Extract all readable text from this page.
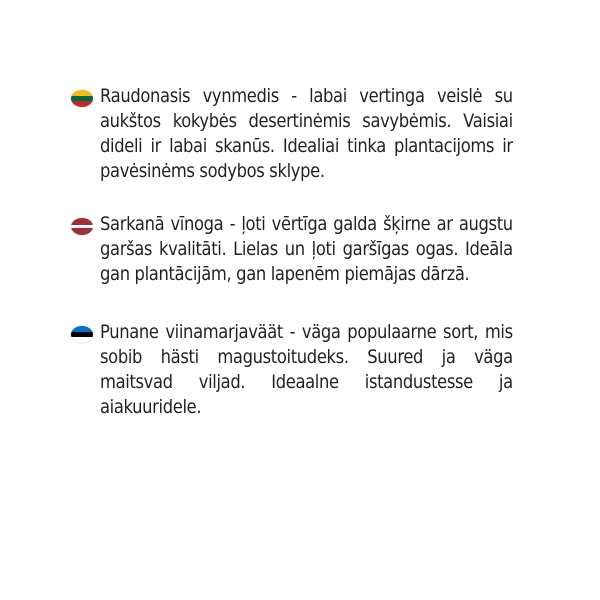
Raudonasis vynmedis - labai vertinga veislė su aukštos kokybės desertinėmis savybėmis. Vaisiai dideli ir labai skanūs. Idealiai tinka plantacijoms ir pavėsinėms sodybos sklype.

Sarkanā vīnoga - ļoti vērtīga galda šķirne ar augstu garšas kvalitāti. Lielas un ļoti garšīgas ogas. Ideāla gan plantācijām, gan lapenēm piemājas dārzā.

Punane viinamarjaväät - väga populaarne sort, mis sobib hästi magustoitudeks. Suured ja väga maitsvad viljad. Ideaalne istandustesse ja aiakuuridele.
